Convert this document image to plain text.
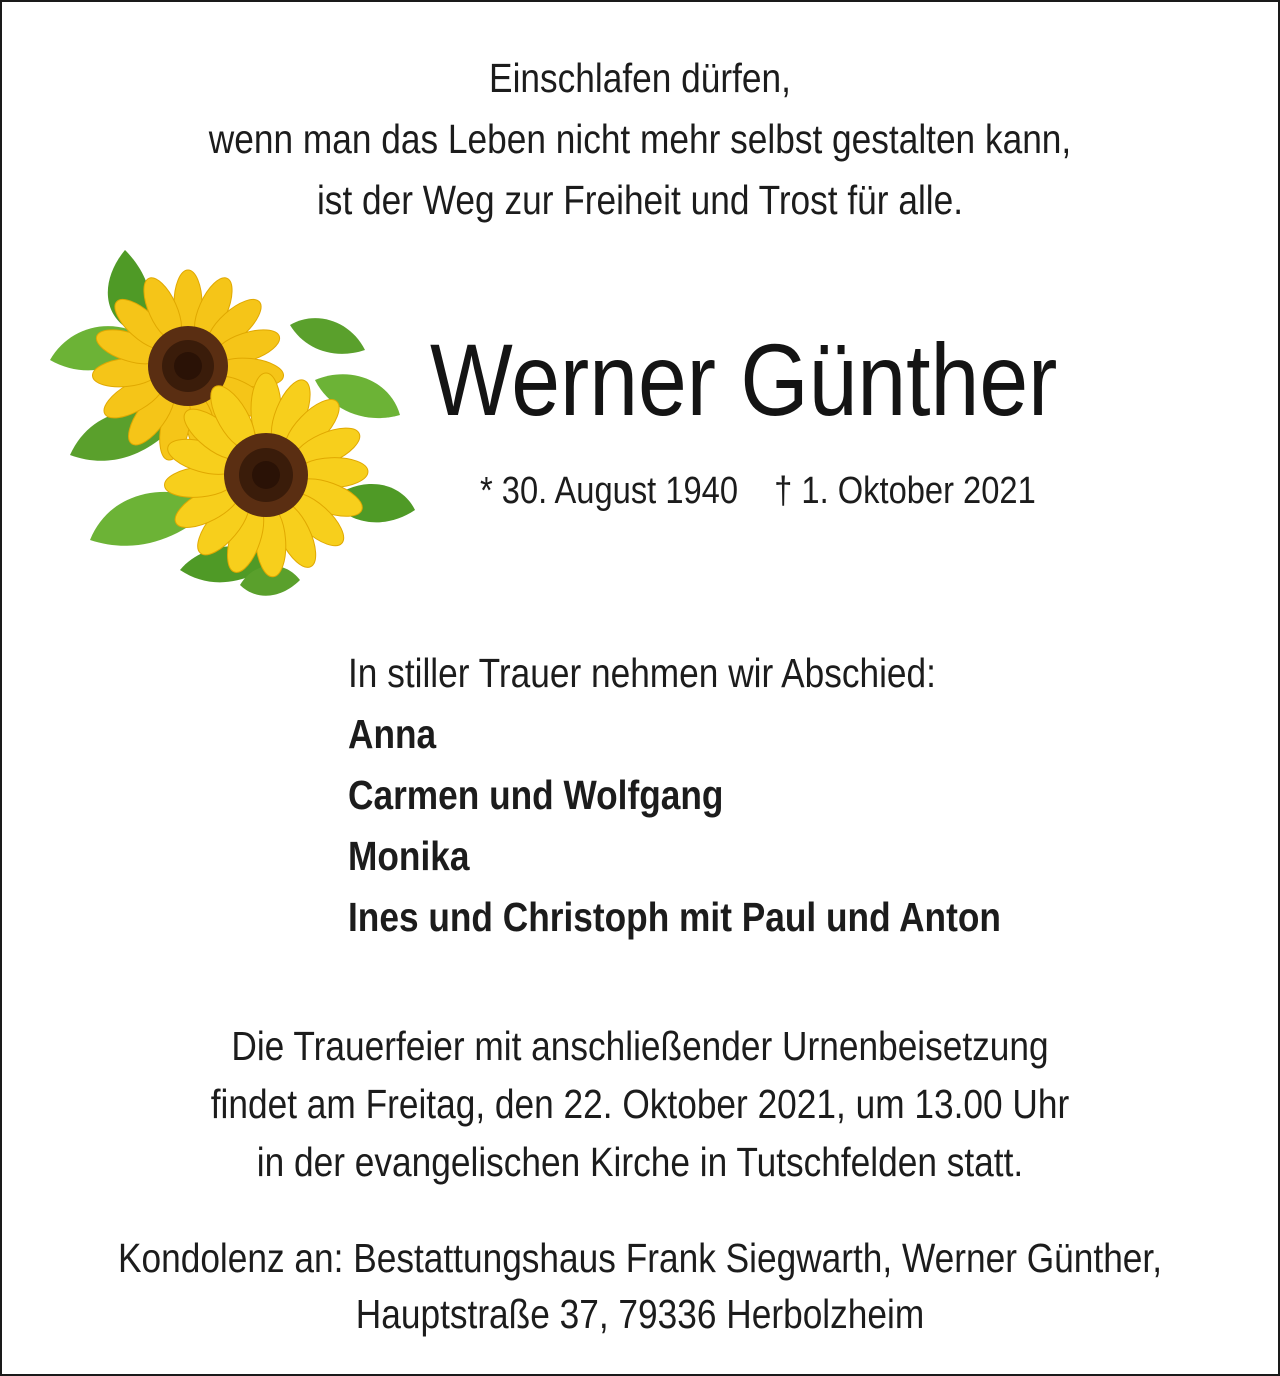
Einschlafen dürfen,
wenn man das Leben nicht mehr selbst gestalten kann,
ist der Weg zur Freiheit und Trost für alle.
Werner Günther
* 30. August 1940 † 1. Oktober 2021
In stiller Trauer nehmen wir Abschied:
Anna
Carmen und Wolfgang
Monika
Ines und Christoph mit Paul und Anton
Die Trauerfeier mit anschließender Urnenbeisetzung
findet am Freitag, den 22. Oktober 2021, um 13.00 Uhr
in der evangelischen Kirche in Tutschfelden statt.
Kondolenz an: Bestattungshaus Frank Siegwarth, Werner Günther,
Hauptstraße 37, 79336 Herbolzheim
